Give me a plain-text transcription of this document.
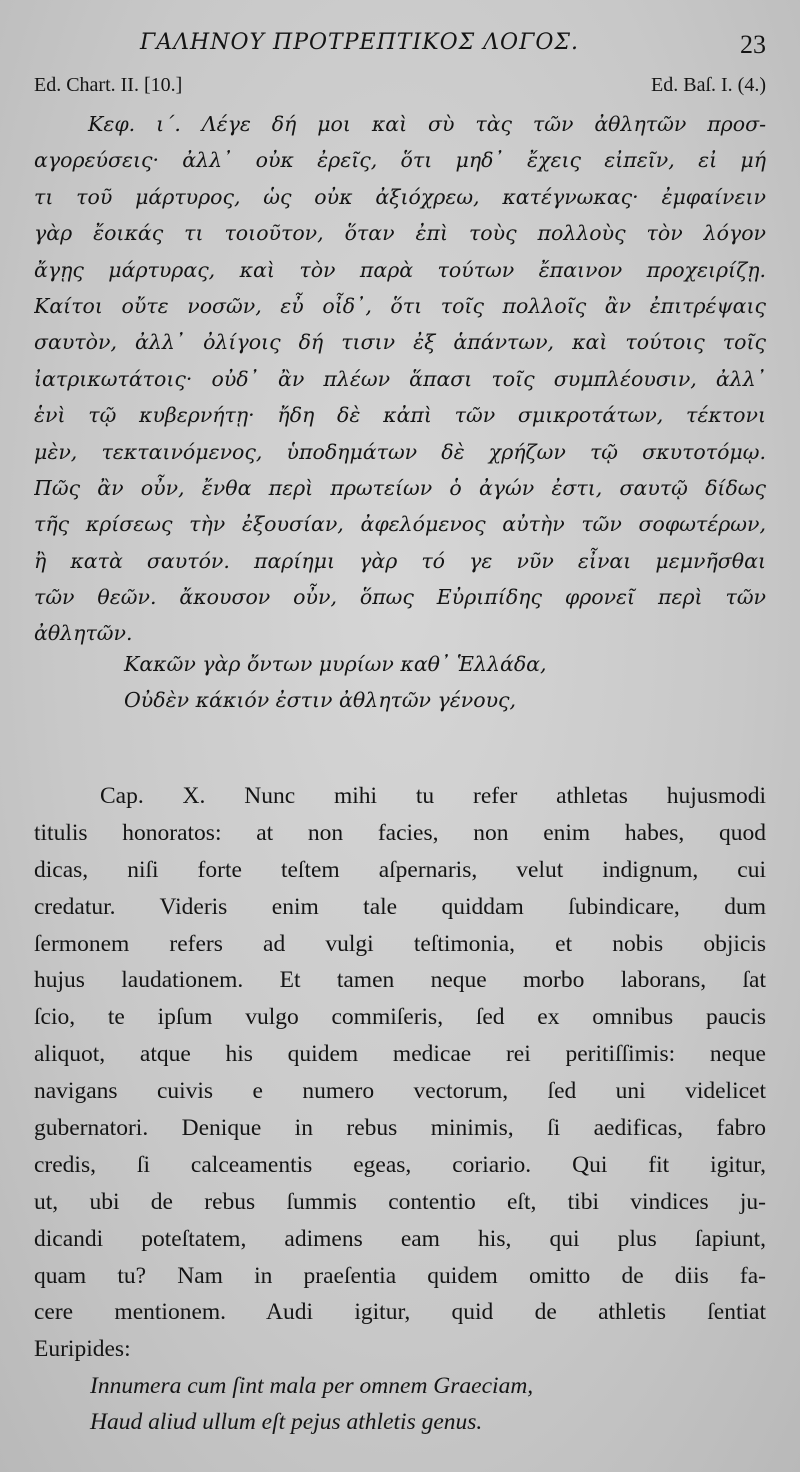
ΓΑΛΗΝΟΥ ΠΡΟΤΡΕΠΤΙΚΟΣ ΛΟΓΟΣ.	23
Ed. Chart. II. [10.]	Ed. Baſ. I. (4.)
Κεφ. ι΄. Λέγε δή μοι καὶ σὺ τὰς τῶν ἀθλητῶν προσ-
αγορεύσεις· ἀλλ᾽ οὐκ ἐρεῖς, ὅτι μηδ᾽ ἔχεις εἰπεῖν, εἰ μή
τι τοῦ μάρτυρος, ὡς οὐκ ἀξιόχρεω, κατέγνωκας· ἐμφαίνειν
γὰρ ἔοικάς τι τοιοῦτον, ὅταν ἐπὶ τοὺς πολλοὺς τὸν λόγον
ἄγῃς μάρτυρας, καὶ τὸν παρὰ τούτων ἔπαινον προχειρίζῃ.
Καίτοι οὔτε νοσῶν, εὖ οἶδ᾽, ὅτι τοῖς πολλοῖς ἂν ἐπιτρέψαις
σαυτὸν, ἀλλ᾽ ὀλίγοις δή τισιν ἐξ ἁπάντων, καὶ τούτοις τοῖς
ἰατρικωτάτοις· οὐδ᾽ ἂν πλέων ἅπασι τοῖς συμπλέουσιν, ἀλλ᾽
ἑνὶ τῷ κυβερνήτῃ· ἤδη δὲ κἀπὶ τῶν σμικροτάτων, τέκτονι
μὲν, τεκταινόμενος, ὑποδημάτων δὲ χρήζων τῷ σκυτοτόμῳ.
Πῶς ἂν οὖν, ἔνθα περὶ πρωτείων ὁ ἀγών ἐστι, σαυτῷ δίδως
τῆς κρίσεως τὴν ἐξουσίαν, ἀφελόμενος αὐτὴν τῶν σοφωτέρων,
ἢ κατὰ σαυτόν. παρίημι γὰρ τό γε νῦν εἶναι μεμνῆσθαι
τῶν θεῶν. ἄκουσον οὖν, ὅπως Εὐριπίδης φρονεῖ περὶ τῶν
ἀθλητῶν.
Κακῶν γὰρ ὄντων μυρίων καθ᾽ Ἑλλάδα,
Οὐδὲν κάκιόν ἐστιν ἀθλητῶν γένους,
Cap. X. Nunc mihi tu refer athletas hujusmodi
titulis honoratos: at non facies, non enim habes, quod
dicas, niſi forte teſtem aſpernaris, velut indignum, cui
credatur. Videris enim tale quiddam ſubindicare, dum
ſermonem refers ad vulgi teſtimonia, et nobis objicis
hujus laudationem. Et tamen neque morbo laborans, ſat
ſcio, te ipſum vulgo commiſeris, ſed ex omnibus paucis
aliquot, atque his quidem medicae rei peritiſſimis: neque
navigans cuivis e numero vectorum, ſed uni videlicet
gubernatori. Denique in rebus minimis, ſi aedificas, fabro
credis, ſi calceamentis egeas, coriario. Qui fit igitur,
ut, ubi de rebus ſummis contentio eſt, tibi vindices ju-
dicandi poteſtatem, adimens eam his, qui plus ſapiunt,
quam tu? Nam in praeſentia quidem omitto de diis fa-
cere mentionem. Audi igitur, quid de athletis ſentiat
Euripides:
Innumera cum ſint mala per omnem Graeciam,
Haud aliud ullum eſt pejus athletis genus.
